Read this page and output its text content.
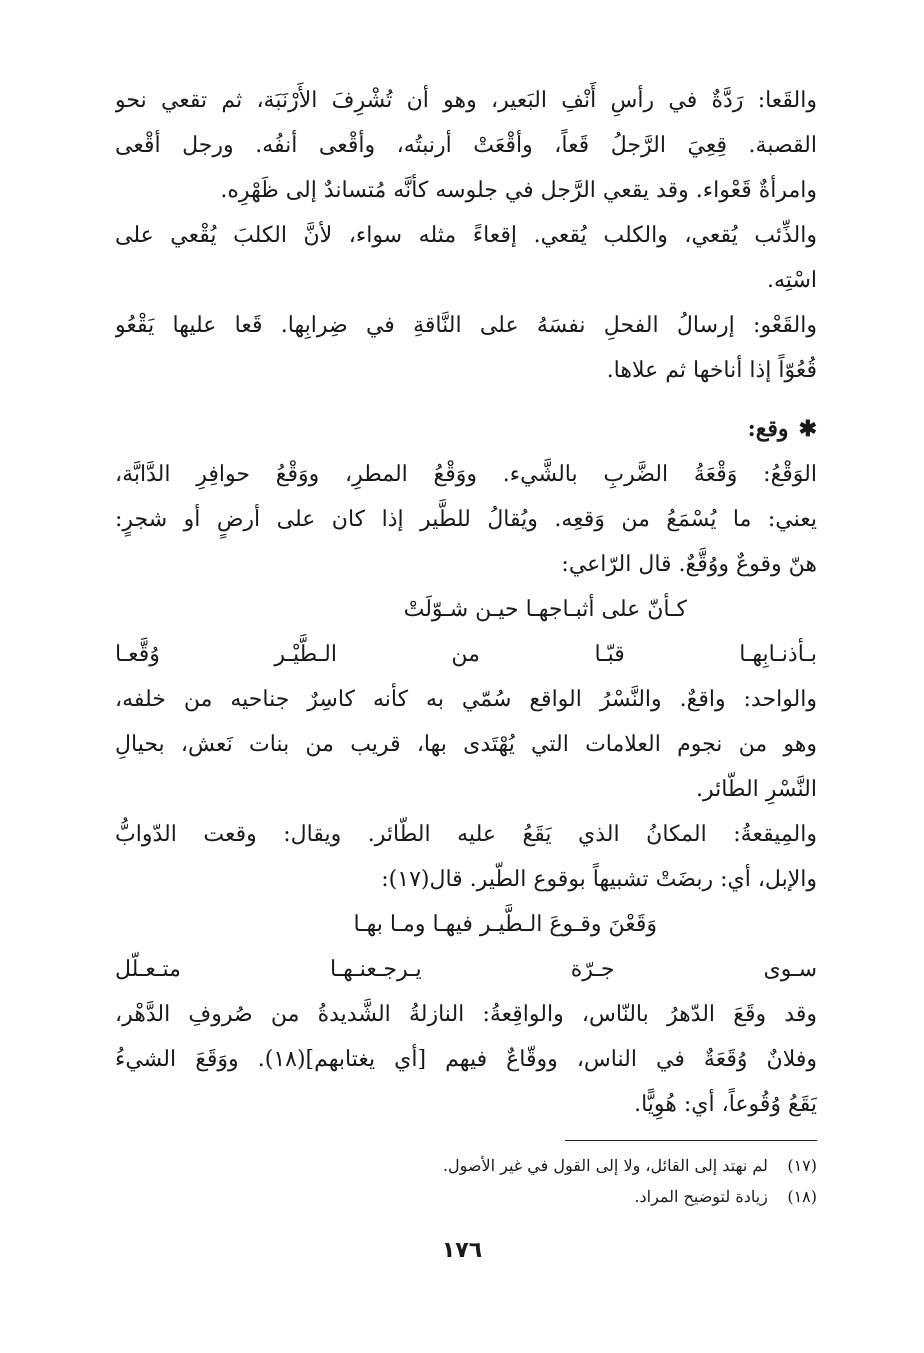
والقَعا: رَدَّةٌ في رأسِ أَنْفِ البَعير، وهو أن تُشْرِفَ الأَرْنَبَة، ثم تقعي نحو
القصبة. قِعِيَ الرَّجلُ قَعاً، وأقْعَتْ أرنبتُه، وأقْعى أنفُه. ورجل أقْعى
وامرأةٌ قَعْواء. وقد يقعي الرَّجل في جلوسه كأنَّه مُتساندٌ إلى ظَهْرِه.
والذِّئب يُقعي، والكلب يُقعي. إقعاءً مثله سواء، لأنَّ الكلبَ يُقْعي على
اسْتِه.
والقَعْو: إرسالُ الفحلِ نفسَهُ على النَّاقةِ في ضِرابِها. قَعا عليها يَقْعُو
قُعُوّاً إذا أناخها ثم علاها.
✱وقع:
الوَقْعُ: وَقْعَةُ الضَّربِ بالشَّيء. ووَقْعُ المطرِ، ووَقْعُ حوافِرِ الدَّابَّة،
يعني: ما يُسْمَعُ من وَقعِه. ويُقالُ للطَّير إذا كان على أرضٍ أو شجرٍ:
هنّ وقوعٌ ووُقَّعٌ. قال الرّاعي:
كـأنّ على أثبـاجهـا حيـن شـوّلَتْ
بـأذنـابِهـا قبّـا من الـطَّيْـر وُقَّعـا
والواحد: واقعٌ. والنَّسْرُ الواقع سُمّي به كأنه كاسِرٌ جناحيه من خلفه،
وهو من نجوم العلامات التي يُهْتَدى بها، قريب من بنات نَعش، بحيالِ
النَّسْرِ الطّائر.
والمِيقعةُ: المكانُ الذي يَقَعُ عليه الطّائر. ويقال: وقعت الدّوابُّ
والإبل، أي: ربضَتْ تشبيهاً بوقوع الطّير. قال(١٧):
وَقَعْنَ وقـوعَ الـطَّيـر فيهـا ومـا بهـا
سـوى جـرّة يـرجـعنـهـا متـعـلّل
وقد وقَعَ الدّهرُ بالنّاس، والواقِعةُ: النازلةُ الشَّديدةُ من صُروفِ الدَّهْر،
وفلانٌ وُقَعَةٌ في الناس، ووقّاعٌ فيهم [أي يغتابهم](١٨). ووَقَعَ الشيءُ
يَقَعُ وُقُوعاً، أي: هُوِيًّا.
(١٧) لم نهتد إلى القائل، ولا إلى القول في غير الأصول.
(١٨) زيادة لتوضيح المراد.
١٧٦
